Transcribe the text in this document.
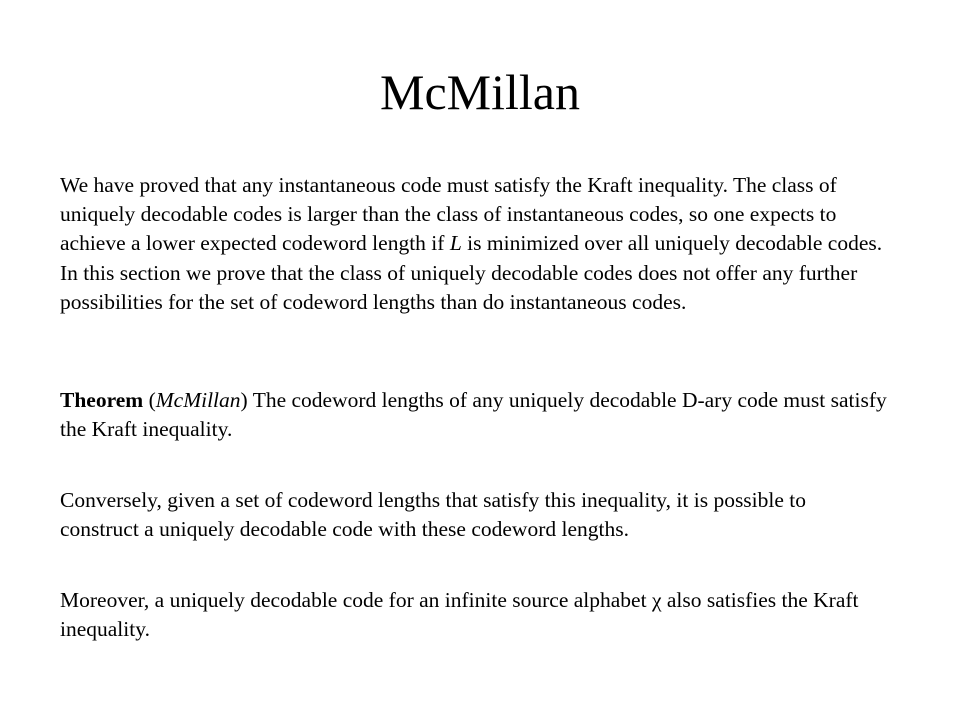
McMillan

We have proved that any instantaneous code must satisfy the Kraft inequality. The class of uniquely decodable codes is larger than the class of instantaneous codes, so one expects to achieve a lower expected codeword length if L is minimized over all uniquely decodable codes. In this section we prove that the class of uniquely decodable codes does not offer any further possibilities for the set of codeword lengths than do instantaneous codes.

Theorem (McMillan) The codeword lengths of any uniquely decodable D-ary code must satisfy the Kraft inequality.

Conversely, given a set of codeword lengths that satisfy this inequality, it is possible to construct a uniquely decodable code with these codeword lengths.

Moreover, a uniquely decodable code for an infinite source alphabet χ also satisfies the Kraft inequality.
